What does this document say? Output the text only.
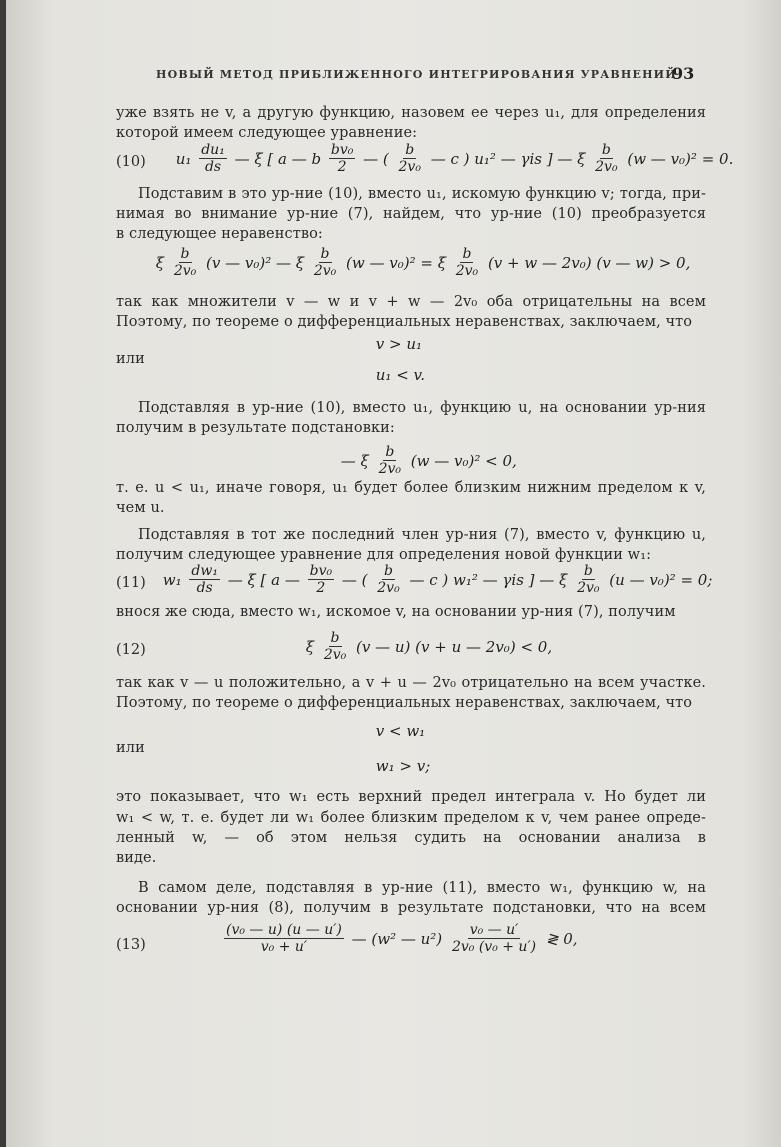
НОВЫЙ МЕТОД ПРИБЛИЖЕННОГО ИНТЕГРИРОВАНИЯ УРАВНЕНИЙ
93
уже взять не v, а другую функцию, назовем ее через u₁, для определения
которой имеем следующее уравнение:
(10) $u_1 \frac{\text{du₁}}{ds}$ — ξ [ a — b $\frac{\text{bv₀}}{2}$ — ( $\frac{b}{\text{2v₀}}$ — c ) u₁² — γis ] — ξ $\frac{b}{\text{2v₀}} (w$ — v₀)² = 0.
Подставим в это ур-ние (10), вместо u₁, искомую функцию v; тогда, при-
нимая во внимание ур-ние (7), найдем, что ур-ние (10) преобразуется
в следующее неравенство:
ξ $\frac{b}{\text{2v₀}} (v$ — v₀)² — ξ $\frac{b}{\text{2v₀}} (w$ — v₀)² = ξ $\frac{b}{\text{2v₀}} (v + w$ — 2v₀) (v — w) > 0,
так как множители v — w и v + w — 2v₀ оба отрицательны на всем
Поэтому, по теореме о дифференциальных неравенствах, заключаем, что
v > u₁
или
u₁ < v.
Подставляя в ур-ние (10), вместо u₁, функцию u, на основании ур-ния
получим в результате подстановки:
— ξ $\frac{b}{\text{2v₀}} (w$ — v₀)² < 0,
т. е. u < u₁, иначе говоря, u₁ будет более близким нижним пределом к v,
чем u.
Подставляя в тот же последний член ур-ния (7), вместо v, функцию u,
получим следующее уравнение для определения новой функции w₁:
(11) $w_1 \frac{\text{dw₁}}{ds}$ — ξ [ a — $\frac{\text{bv₀}}{2}$ — ( $\frac{b}{\text{2v₀}}$ — c ) w₁² — γis ] — ξ $\frac{b}{\text{2v₀}} (u$ — v₀)² = 0;
внося же сюда, вместо w₁, искомое v, на основании ур-ния (7), получим
(12)	ξ $\frac{b}{\text{2v₀}} (v$ — u) (v + u — 2v₀) < 0,
так как v — u положительно, а v + u — 2v₀ отрицательно на всем участке.
Поэтому, по теореме о дифференциальных неравенствах, заключаем, что
v < w₁
или
w₁ > v;
это показывает, что w₁ есть верхний предел интеграла v. Но будет ли
w₁ < w, т. е. будет ли w₁ более близким пределом к v, чем ранее опреде-
ленный w, — об этом нельзя судить на основании анализа в
виде.
В самом деле, подставляя в ур-ние (11), вместо w₁, функцию w, на
основании ур-ния (8), получим в результате подстановки, что на всем
(13)	$\frac{\text{(v₀ — u) (u — u′)}}{\text{v₀ + u′}}$ — (w² — $u^2) \frac{\text{v₀ — u′}}{\text{2v₀ (v₀ + u′)}}$ ≷ 0,
